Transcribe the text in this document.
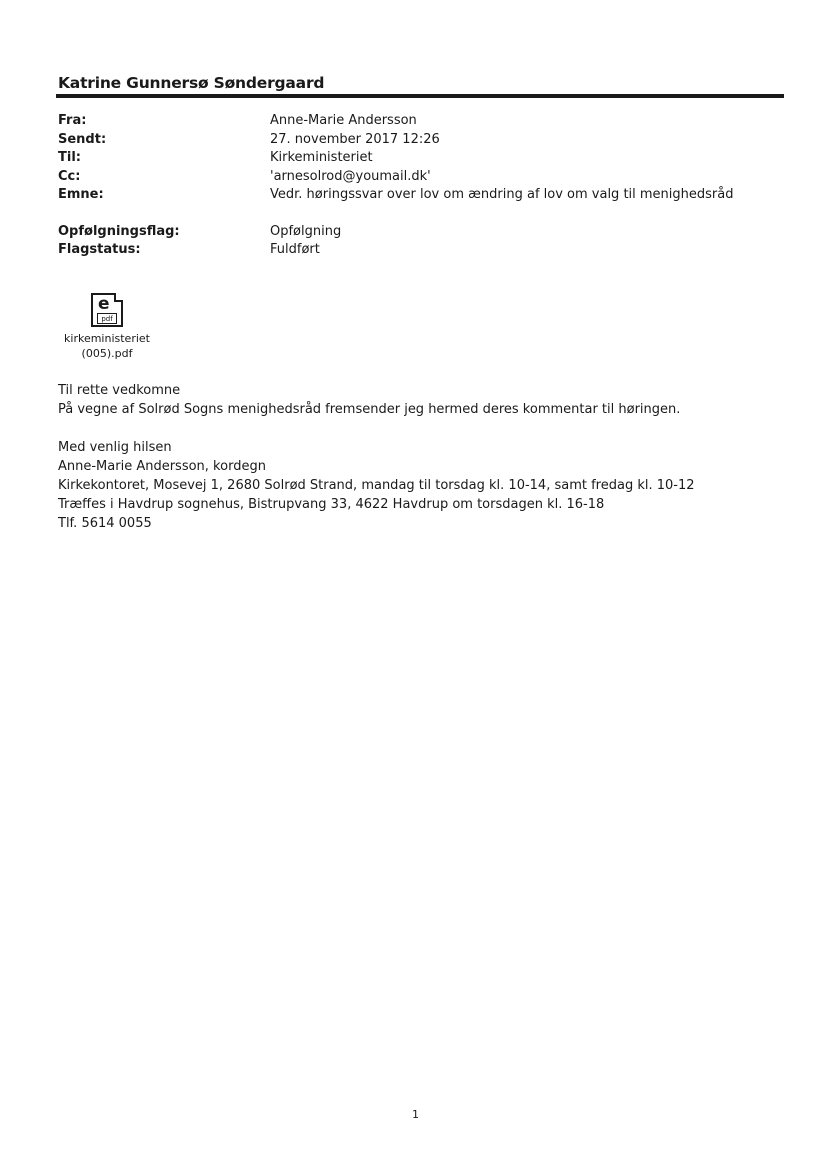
Katrine Gunnersø Søndergaard
Fra:	Anne-Marie Andersson
Sendt:	27. november 2017 12:26
Til:	Kirkeministeriet
Cc:	'arnesolrod@youmail.dk'
Emne:	Vedr. høringssvar over lov om ændring af lov om valg til menighedsråd
Opfølgningsflag:	Opfølgning
Flagstatus:	Fuldført
e
pdf
kirkeministeriet
(005).pdf
Til rette vedkomne
På vegne af Solrød Sogns menighedsråd fremsender jeg hermed deres kommentar til høringen.
Med venlig hilsen
Anne-Marie Andersson, kordegn
Kirkekontoret, Mosevej 1, 2680 Solrød Strand, mandag til torsdag kl. 10-14, samt fredag kl. 10-12
Træffes i Havdrup sognehus, Bistrupvang 33, 4622 Havdrup om torsdagen kl. 16-18
Tlf. 5614 0055
1
